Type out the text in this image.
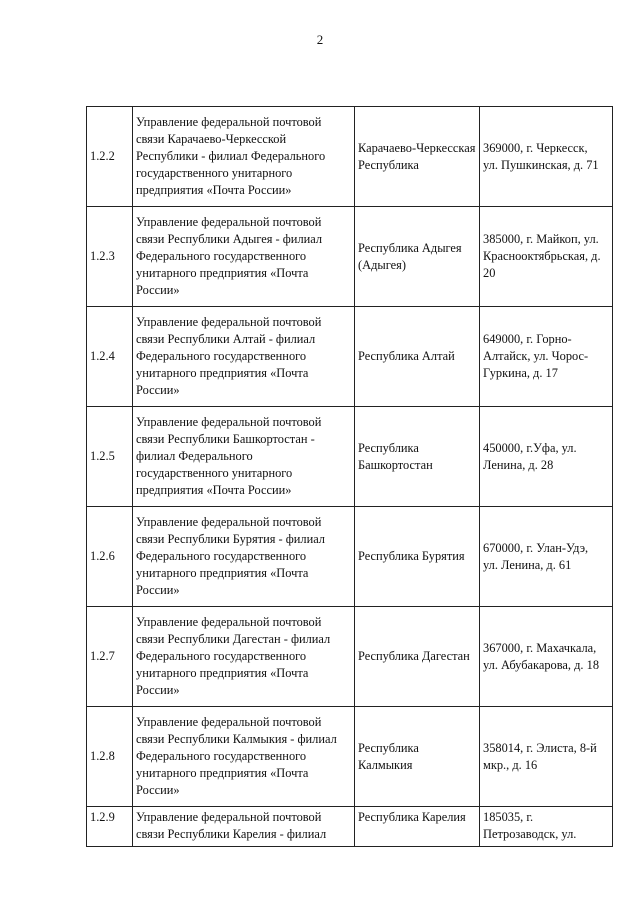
2
1.2.2	Управление федеральной почтовой
связи Карачаево-Черкесской
Республики - филиал Федерального
государственного унитарного
предприятия «Почта России»	Карачаево-Черкесская
Республика	369000, г. Черкесск,
ул. Пушкинская, д. 71
1.2.3	Управление федеральной почтовой
связи Республики Адыгея - филиал
Федерального государственного
унитарного предприятия «Почта
России»	Республика Адыгея
(Адыгея)	385000, г. Майкоп, ул.
Красноoктябрьская, д.
20
1.2.4	Управление федеральной почтовой
связи Республики Алтай - филиал
Федерального государственного
унитарного предприятия «Почта
России»	Республика Алтай	649000, г. Горно-
Алтайск, ул. Чорос-
Гуркина, д. 17
1.2.5	Управление федеральной почтовой
связи Республики Башкортостан -
филиал Федерального
государственного унитарного
предприятия «Почта России»	Республика
Башкортостан	450000, г.Уфа, ул.
Ленина, д. 28
1.2.6	Управление федеральной почтовой
связи Республики Бурятия - филиал
Федерального государственного
унитарного предприятия «Почта
России»	Республика Бурятия	670000, г. Улан-Удэ,
ул. Ленина, д. 61
1.2.7	Управление федеральной почтовой
связи Республики Дагестан - филиал
Федерального государственного
унитарного предприятия «Почта
России»	Республика Дагестан	367000, г. Махачкала,
ул. Абубакарова, д. 18
1.2.8	Управление федеральной почтовой
связи Республики Калмыкия - филиал
Федерального государственного
унитарного предприятия «Почта
России»	Республика Калмыкия	358014, г. Элиста, 8-й
мкр., д. 16
1.2.9	Управление федеральной почтовой
связи Республики Карелия - филиал	Республика Карелия	185035, г.
Петрозаводск, ул.
